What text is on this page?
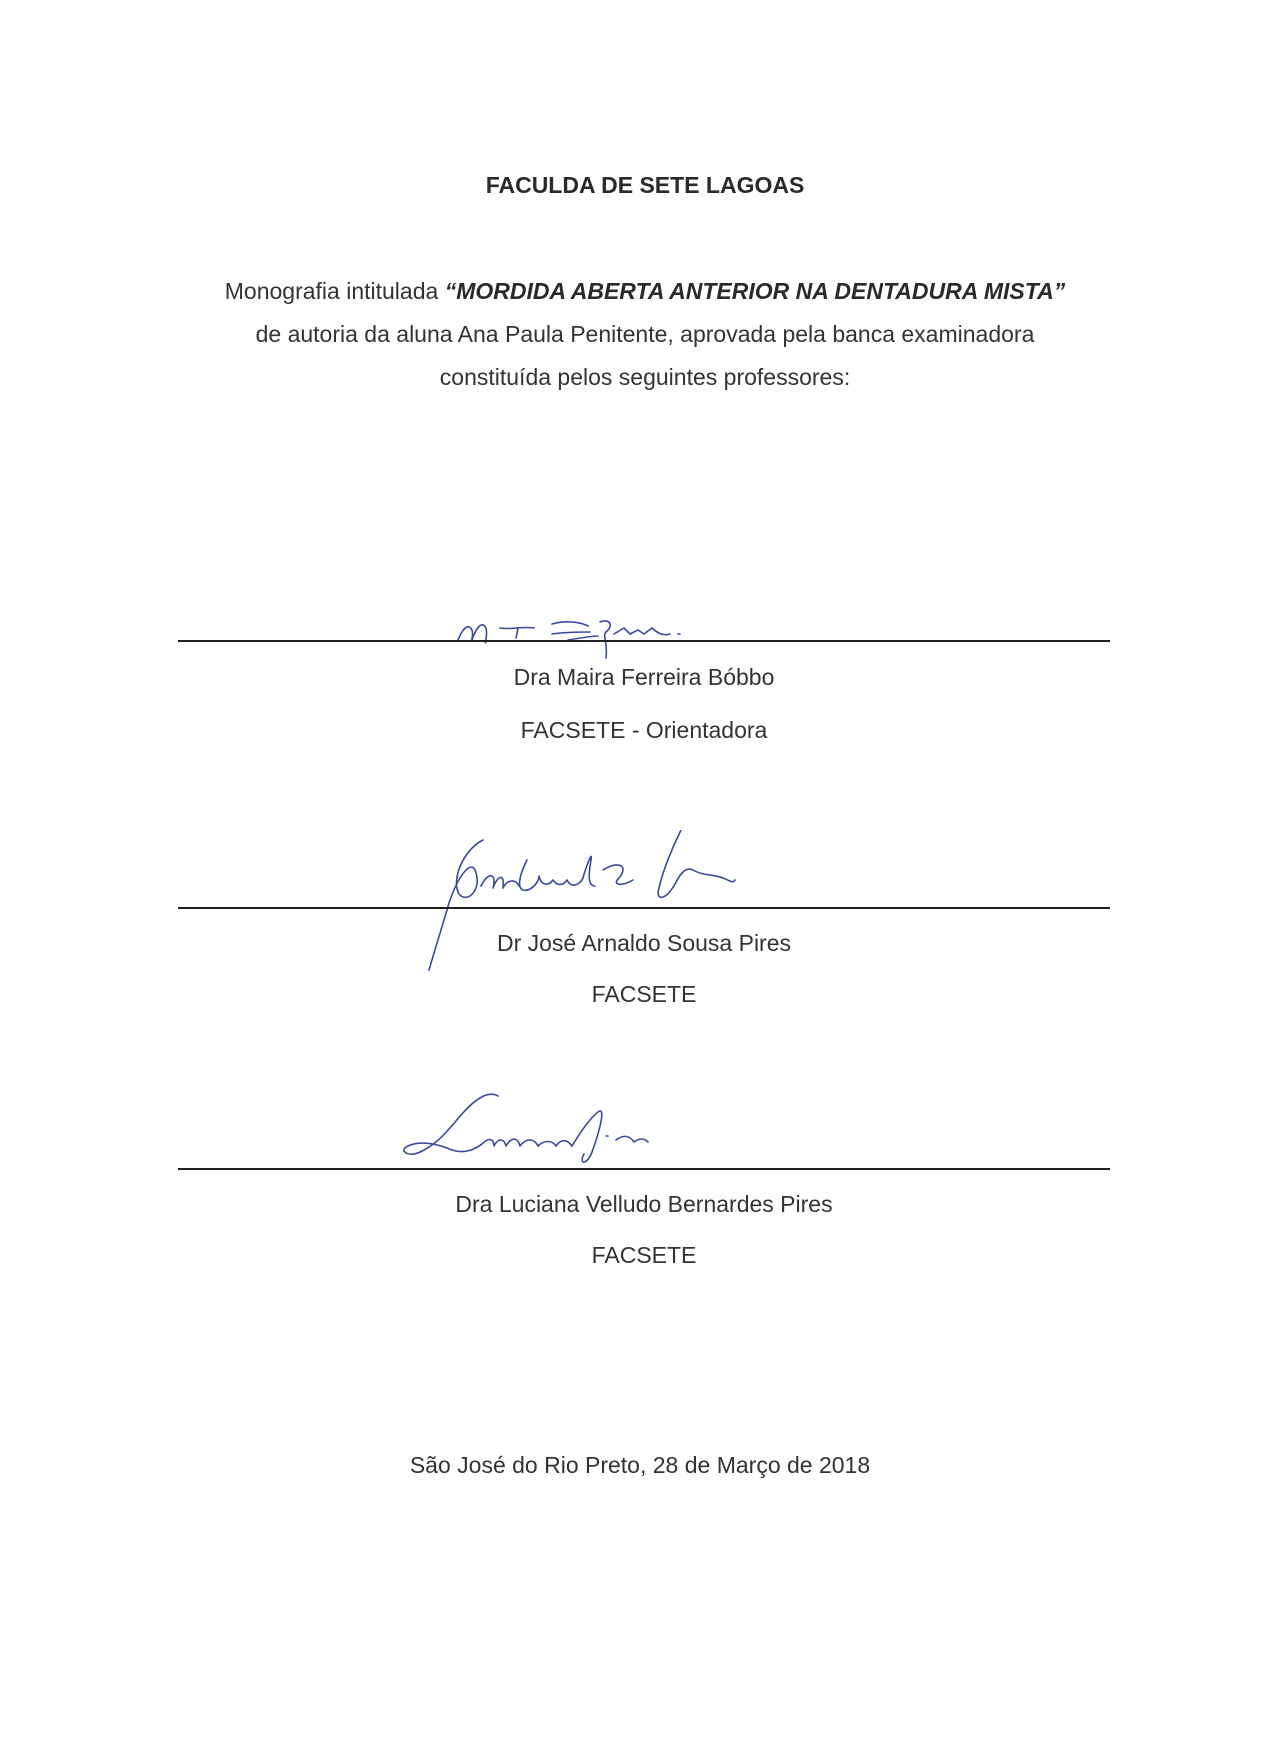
FACULDA DE SETE LAGOAS
Monografia intitulada “MORDIDA ABERTA ANTERIOR NA DENTADURA MISTA”
de autoria da aluna Ana Paula Penitente, aprovada pela banca examinadora
constituída pelos seguintes professores:
Dra Maira Ferreira Bóbbo
FACSETE - Orientadora
Dr José Arnaldo Sousa Pires
FACSETE
Dra Luciana Velludo Bernardes Pires
FACSETE
São José do Rio Preto, 28 de Março de 2018
